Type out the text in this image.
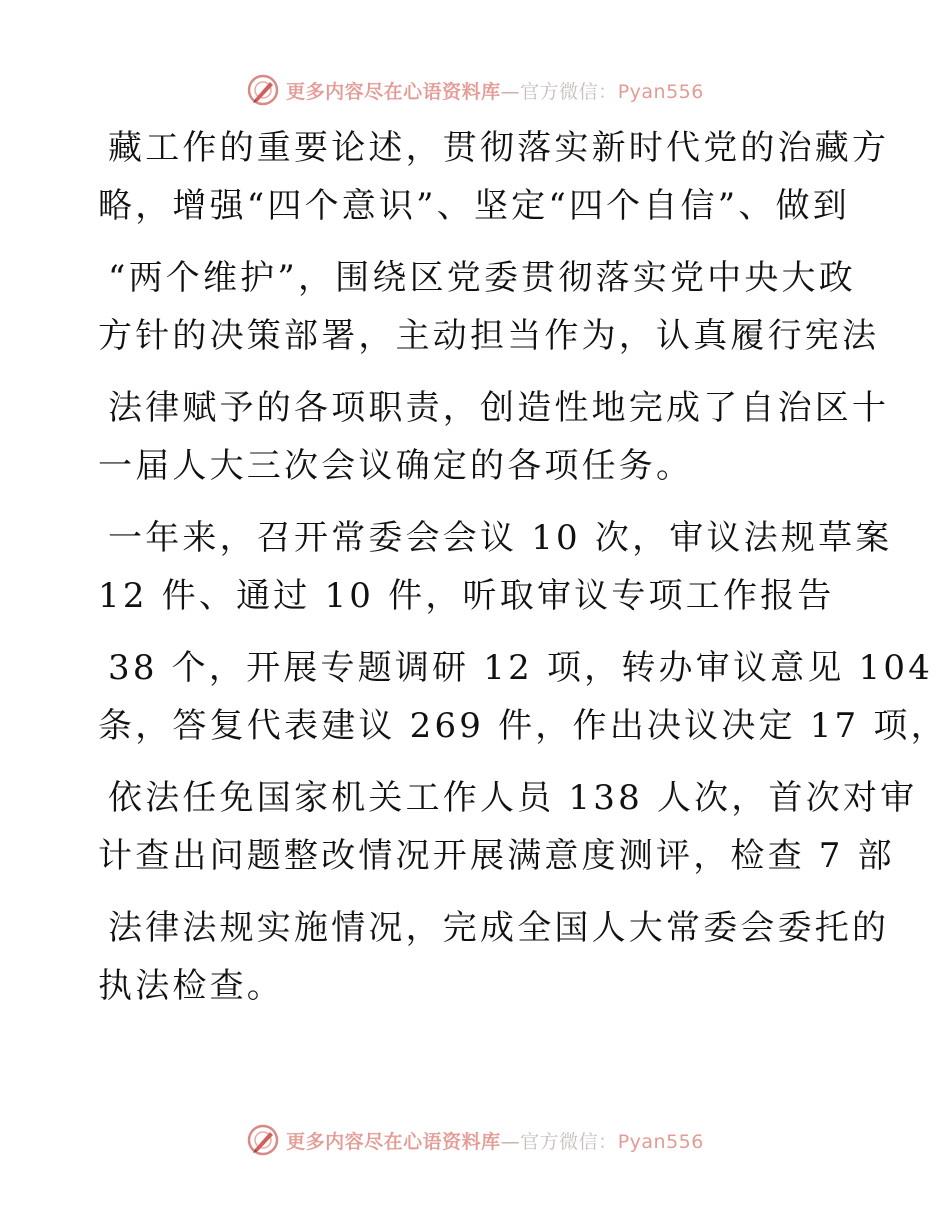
更多内容尽在心语资料库—官方微信：Pyan556
藏工作的重要论述，贯彻落实新时代党的治藏方
略，增强“四个意识”、坚定“四个自信”、做到
“两个维护”，围绕区党委贯彻落实党中央大政
方针的决策部署，主动担当作为，认真履行宪法
法律赋予的各项职责，创造性地完成了自治区十
一届人大三次会议确定的各项任务。
一年来，召开常委会会议 10 次，审议法规草案
12 件、通过 10 件，听取审议专项工作报告
38 个，开展专题调研 12 项，转办审议意见 104
条，答复代表建议 269 件，作出决议决定 17 项，
依法任免国家机关工作人员 138 人次，首次对审
计查出问题整改情况开展满意度测评，检查 7 部
法律法规实施情况，完成全国人大常委会委托的
执法检查。
更多内容尽在心语资料库—官方微信：Pyan556
